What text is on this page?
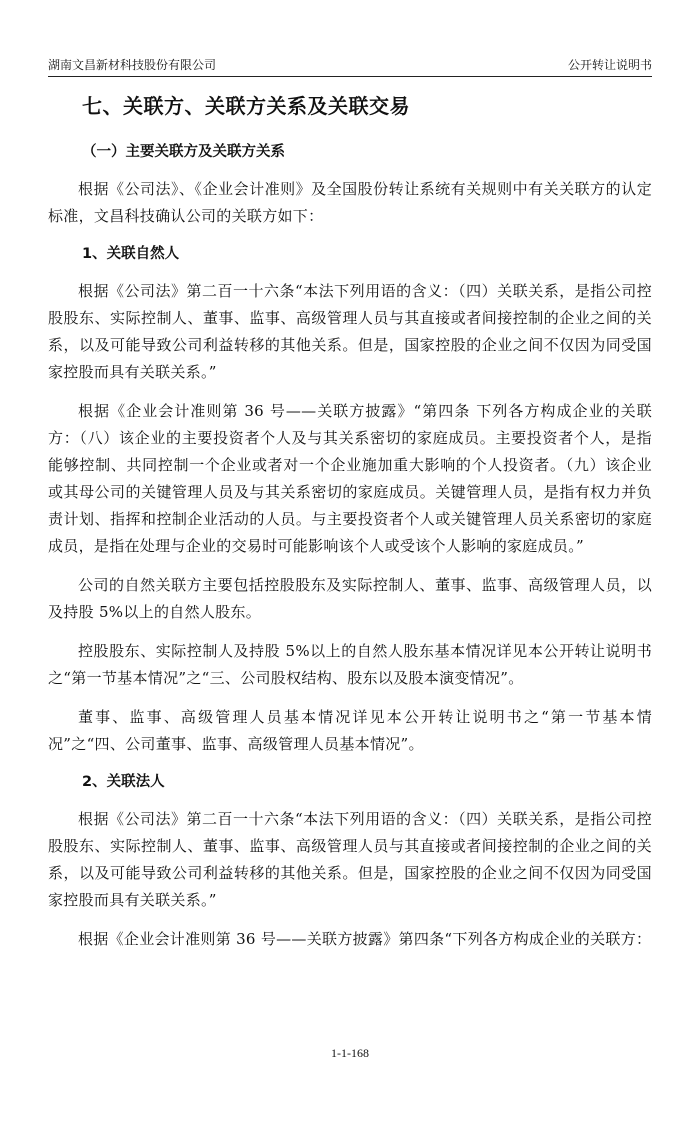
湖南文昌新材科技股份有限公司	公开转让说明书
七、关联方、关联方关系及关联交易
（一）主要关联方及关联方关系

根据《公司法》、《企业会计准则》及全国股份转让系统有关规则中有关关联方的认定标准，文昌科技确认公司的关联方如下：

1、关联自然人

根据《公司法》第二百一十六条“本法下列用语的含义：（四）关联关系，是指公司控股股东、实际控制人、董事、监事、高级管理人员与其直接或者间接控制的企业之间的关系，以及可能导致公司利益转移的其他关系。但是，国家控股的企业之间不仅因为同受国家控股而具有关联关系。”

根据《企业会计准则第 36 号——关联方披露》“第四条 下列各方构成企业的关联方：（八）该企业的主要投资者个人及与其关系密切的家庭成员。主要投资者个人，是指能够控制、共同控制一个企业或者对一个企业施加重大影响的个人投资者。（九）该企业或其母公司的关键管理人员及与其关系密切的家庭成员。关键管理人员，是指有权力并负责计划、指挥和控制企业活动的人员。与主要投资者个人或关键管理人员关系密切的家庭成员，是指在处理与企业的交易时可能影响该个人或受该个人影响的家庭成员。”

公司的自然关联方主要包括控股股东及实际控制人、董事、监事、高级管理人员，以及持股 5%以上的自然人股东。

控股股东、实际控制人及持股 5%以上的自然人股东基本情况详见本公开转让说明书之“第一节基本情况”之“三、公司股权结构、股东以及股本演变情况”。

董事、监事、高级管理人员基本情况详见本公开转让说明书之“第一节基本情况”之“四、公司董事、监事、高级管理人员基本情况”。

2、关联法人

根据《公司法》第二百一十六条“本法下列用语的含义：（四）关联关系，是指公司控股股东、实际控制人、董事、监事、高级管理人员与其直接或者间接控制的企业之间的关系，以及可能导致公司利益转移的其他关系。但是，国家控股的企业之间不仅因为同受国家控股而具有关联关系。”

根据《企业会计准则第 36 号——关联方披露》第四条“下列各方构成企业的关联方：

1-1-168
